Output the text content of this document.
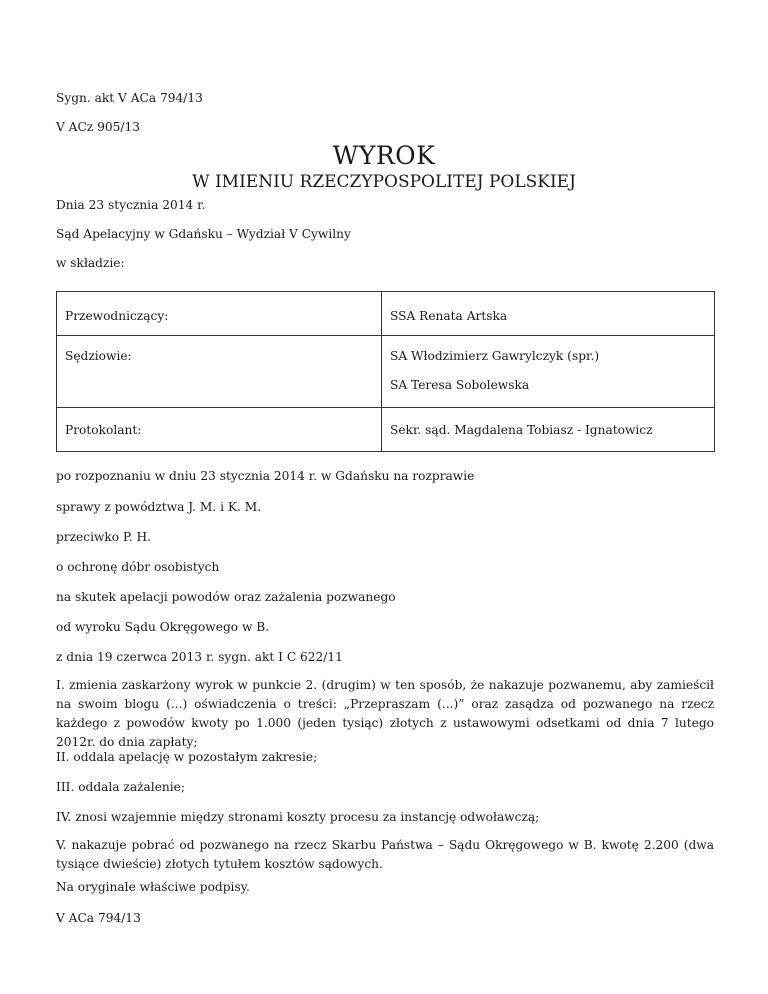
Sygn. akt V ACa 794/13

V ACz 905/13

WYROK
W IMIENIU RZECZYPOSPOLITEJ POLSKIEJ

Dnia 23 stycznia 2014 r.

Sąd Apelacyjny w Gdańsku – Wydział V Cywilny

w składzie:

Przewodniczący:	SSA Renata Artska

Sędziowie:	SA Włodzimierz Gawrylczyk (spr.)
SA Teresa Sobolewska

Protokolant:	Sekr. sąd. Magdalena Tobiasz - Ignatowicz

po rozpoznaniu w dniu 23 stycznia 2014 r. w Gdańsku na rozprawie

sprawy z powództwa J. M. i K. M.

przeciwko P. H.

o ochronę dóbr osobistych

na skutek apelacji powodów oraz zażalenia pozwanego

od wyroku Sądu Okręgowego w B.

z dnia 19 czerwca 2013 r. sygn. akt I C 622/11

I. zmienia zaskarżony wyrok w punkcie 2. (drugim) w ten sposób, że nakazuje pozwanemu, aby zamieścił na swoim blogu (...) oświadczenia o treści: „Przepraszam (...)” oraz zasądza od pozwanego na rzecz każdego z powodów kwoty po 1.000 (jeden tysiąc) złotych z ustawowymi odsetkami od dnia 7 lutego 2012r. do dnia zapłaty;

II. oddala apelację w pozostałym zakresie;

III. oddala zażalenie;

IV. znosi wzajemnie między stronami koszty procesu za instancję odwoławczą;

V. nakazuje pobrać od pozwanego na rzecz Skarbu Państwa – Sądu Okręgowego w B. kwotę 2.200 (dwa tysiące dwieście) złotych tytułem kosztów sądowych.

Na oryginale właściwe podpisy.

V ACa 794/13
